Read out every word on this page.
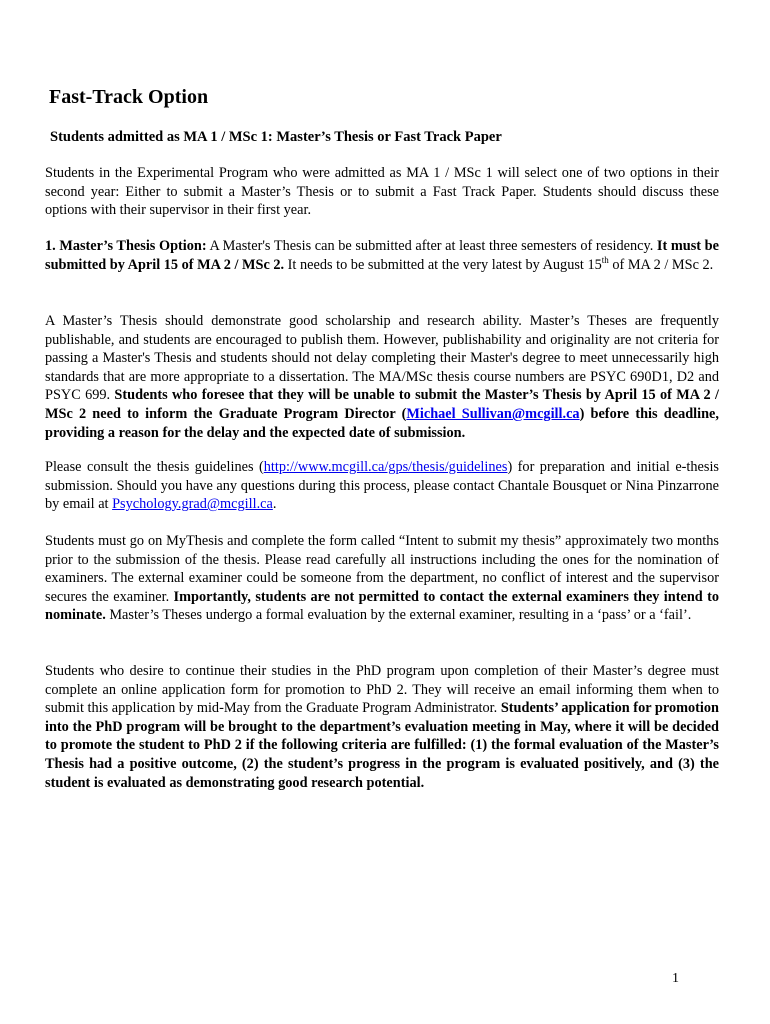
Fast-Track Option
Students admitted as MA 1 / MSc 1: Master’s Thesis or Fast Track Paper

Students in the Experimental Program who were admitted as MA 1 / MSc 1 will select one of two options in their second year: Either to submit a Master’s Thesis or to submit a Fast Track Paper. Students should discuss these options with their supervisor in their first year.

1. Master’s Thesis Option: A Master's Thesis can be submitted after at least three semesters of residency. It must be submitted by April 15 of MA 2 / MSc 2. It needs to be submitted at the very latest by August 15th of MA 2 / MSc 2.

A Master’s Thesis should demonstrate good scholarship and research ability. Master’s Theses are frequently publishable, and students are encouraged to publish them. However, publishability and originality are not criteria for passing a Master's Thesis and students should not delay completing their Master's degree to meet unnecessarily high standards that are more appropriate to a dissertation. The MA/MSc thesis course numbers are PSYC 690D1, D2 and PSYC 699. Students who foresee that they will be unable to submit the Master’s Thesis by April 15 of MA 2 / MSc 2 need to inform the Graduate Program Director (Michael Sullivan@mcgill.ca) before this deadline, providing a reason for the delay and the expected date of submission.

Please consult the thesis guidelines (http://www.mcgill.ca/gps/thesis/guidelines) for preparation and initial e-thesis submission. Should you have any questions during this process, please contact Chantale Bousquet or Nina Pinzarrone by email at Psychology.grad@mcgill.ca.

Students must go on MyThesis and complete the form called “Intent to submit my thesis” approximately two months prior to the submission of the thesis. Please read carefully all instructions including the ones for the nomination of examiners. The external examiner could be someone from the department, no conflict of interest and the supervisor secures the examiner. Importantly, students are not permitted to contact the external examiners they intend to nominate. Master’s Theses undergo a formal evaluation by the external examiner, resulting in a ‘pass’ or a ‘fail’.

Students who desire to continue their studies in the PhD program upon completion of their Master’s degree must complete an online application form for promotion to PhD 2. They will receive an email informing them when to submit this application by mid-May from the Graduate Program Administrator. Students’ application for promotion into the PhD program will be brought to the department’s evaluation meeting in May, where it will be decided to promote the student to PhD 2 if the following criteria are fulfilled: (1) the formal evaluation of the Master’s Thesis had a positive outcome, (2) the student’s progress in the program is evaluated positively, and (3) the student is evaluated as demonstrating good research potential.

1
